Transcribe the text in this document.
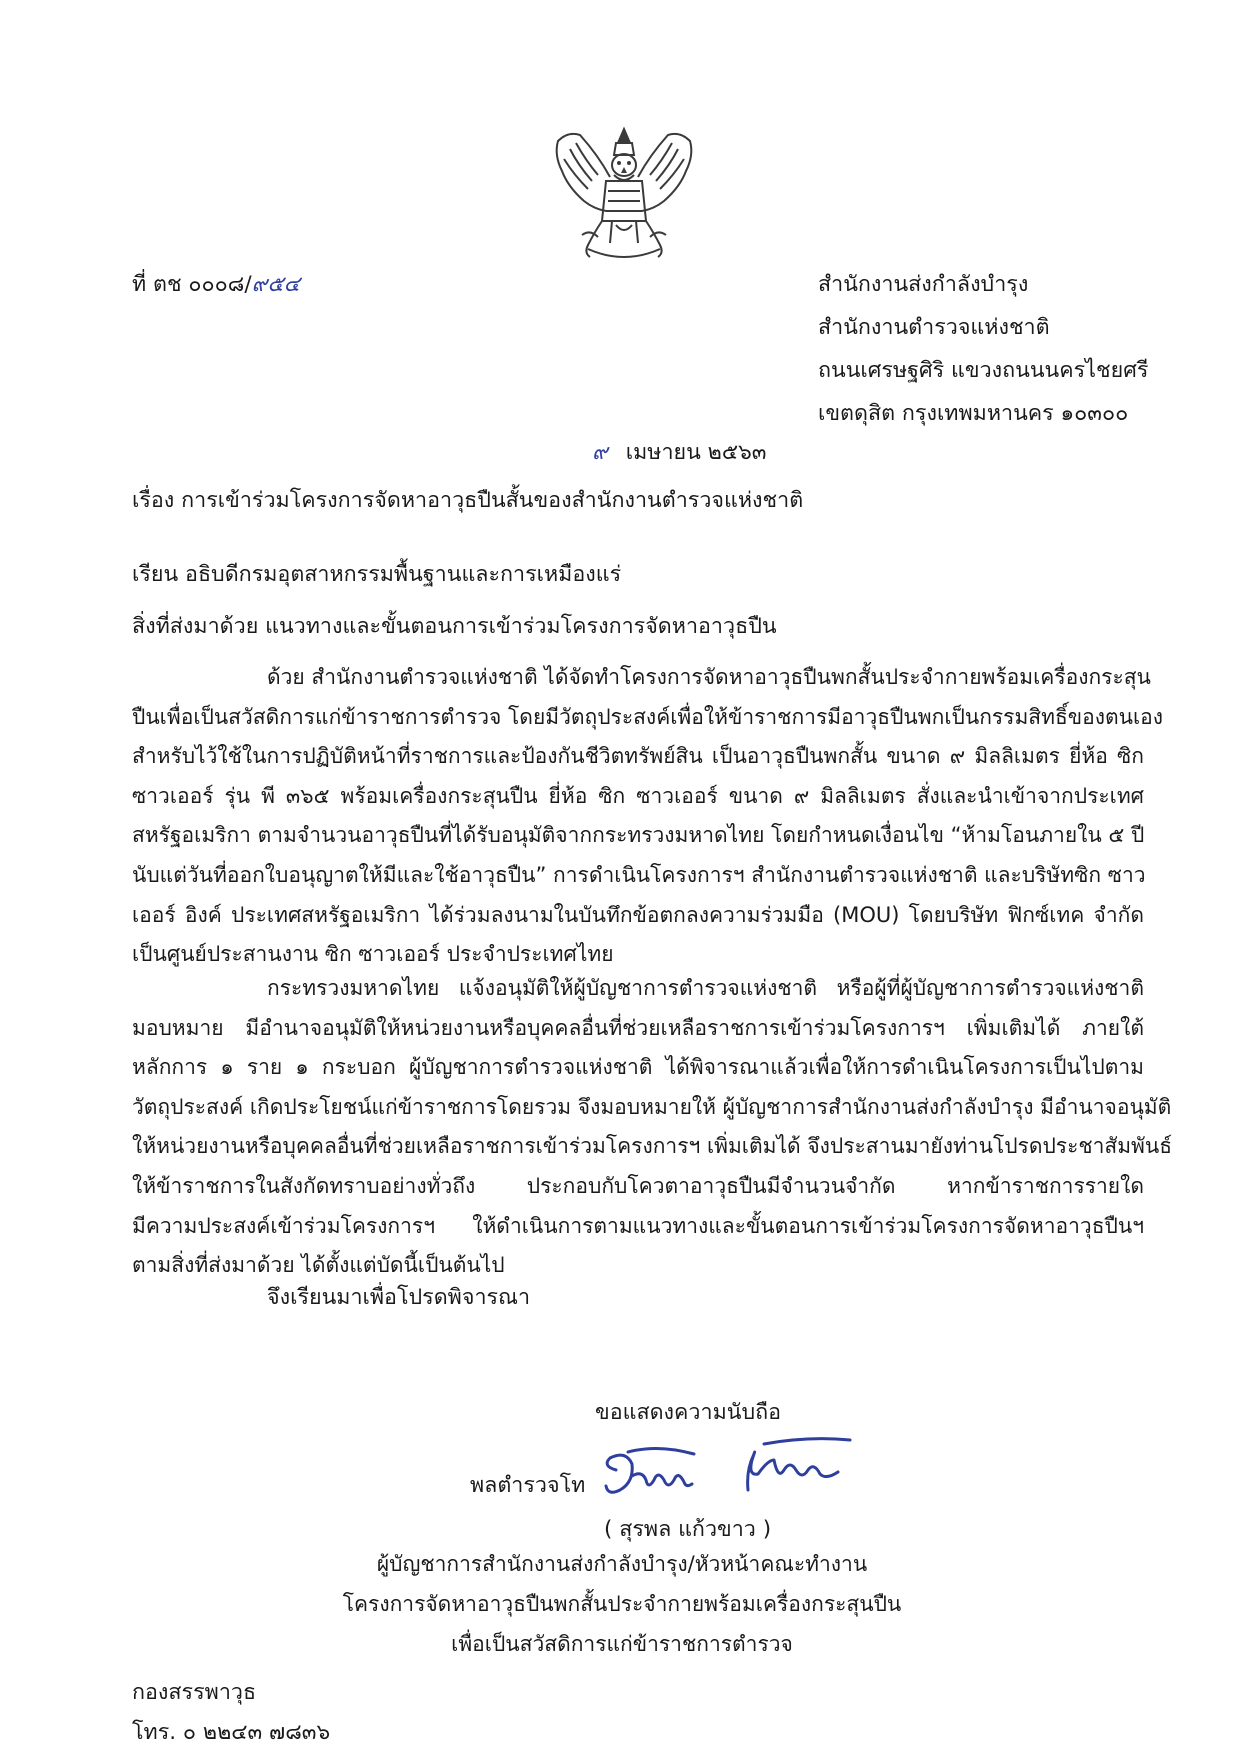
ที่ ตช ๐๐๐๘/๙๕๔	สำนักงานส่งกำลังบำรุง
สำนักงานตำรวจแห่งชาติ
ถนนเศรษฐศิริ แขวงถนนนครไชยศรี
เขตดุสิต กรุงเทพมหานคร ๑๐๓๐๐
๙ เมษายน ๒๕๖๓
เรื่อง การเข้าร่วมโครงการจัดหาอาวุธปืนสั้นของสำนักงานตำรวจแห่งชาติ
เรียน อธิบดีกรมอุตสาหกรรมพื้นฐานและการเหมืองแร่
สิ่งที่ส่งมาด้วย แนวทางและขั้นตอนการเข้าร่วมโครงการจัดหาอาวุธปืน
ด้วย สำนักงานตำรวจแห่งชาติ ได้จัดทำโครงการจัดหาอาวุธปืนพกสั้นประจำกายพร้อมเครื่องกระสุน
ปืนเพื่อเป็นสวัสดิการแก่ข้าราชการตำรวจ โดยมีวัตถุประสงค์เพื่อให้ข้าราชการมีอาวุธปืนพกเป็นกรรมสิทธิ์ของตนเอง
สำหรับไว้ใช้ในการปฏิบัติหน้าที่ราชการและป้องกันชีวิตทรัพย์สิน เป็นอาวุธปืนพกสั้น ขนาด ๙ มิลลิเมตร ยี่ห้อ ซิก
ซาวเออร์ รุ่น พี ๓๖๕ พร้อมเครื่องกระสุนปืน ยี่ห้อ ซิก ซาวเออร์ ขนาด ๙ มิลลิเมตร สั่งและนำเข้าจากประเทศ
สหรัฐอเมริกา ตามจำนวนอาวุธปืนที่ได้รับอนุมัติจากกระทรวงมหาดไทย โดยกำหนดเงื่อนไข “ห้ามโอนภายใน ๕ ปี
นับแต่วันที่ออกใบอนุญาตให้มีและใช้อาวุธปืน” การดำเนินโครงการฯ สำนักงานตำรวจแห่งชาติ และบริษัทซิก ซาว
เออร์ อิงค์ ประเทศสหรัฐอเมริกา ได้ร่วมลงนามในบันทึกข้อตกลงความร่วมมือ (MOU) โดยบริษัท ฟิกซ์เทค จำกัด
เป็นศูนย์ประสานงาน ซิก ซาวเออร์ ประจำประเทศไทย
กระทรวงมหาดไทย แจ้งอนุมัติให้ผู้บัญชาการตำรวจแห่งชาติ หรือผู้ที่ผู้บัญชาการตำรวจแห่งชาติ
มอบหมาย มีอำนาจอนุมัติให้หน่วยงานหรือบุคคลอื่นที่ช่วยเหลือราชการเข้าร่วมโครงการฯ เพิ่มเติมได้ ภายใต้
หลักการ ๑ ราย ๑ กระบอก ผู้บัญชาการตำรวจแห่งชาติ ได้พิจารณาแล้วเพื่อให้การดำเนินโครงการเป็นไปตาม
วัตถุประสงค์ เกิดประโยชน์แก่ข้าราชการโดยรวม จึงมอบหมายให้ ผู้บัญชาการสำนักงานส่งกำลังบำรุง มีอำนาจอนุมัติ
ให้หน่วยงานหรือบุคคลอื่นที่ช่วยเหลือราชการเข้าร่วมโครงการฯ เพิ่มเติมได้ จึงประสานมายังท่านโปรดประชาสัมพันธ์
ให้ข้าราชการในสังกัดทราบอย่างทั่วถึง ประกอบกับโควตาอาวุธปืนมีจำนวนจำกัด หากข้าราชการรายใด
มีความประสงค์เข้าร่วมโครงการฯ ให้ดำเนินการตามแนวทางและขั้นตอนการเข้าร่วมโครงการจัดหาอาวุธปืนฯ
ตามสิ่งที่ส่งมาด้วย ได้ตั้งแต่บัดนี้เป็นต้นไป
จึงเรียนมาเพื่อโปรดพิจารณา
ขอแสดงความนับถือ
พลตำรวจโท
( สุรพล แก้วขาว )
ผู้บัญชาการสำนักงานส่งกำลังบำรุง/หัวหน้าคณะทำงาน
โครงการจัดหาอาวุธปืนพกสั้นประจำกายพร้อมเครื่องกระสุนปืน
เพื่อเป็นสวัสดิการแก่ข้าราชการตำรวจ
กองสรรพาวุธ
โทร. ๐ ๒๒๔๓ ๗๘๓๖
